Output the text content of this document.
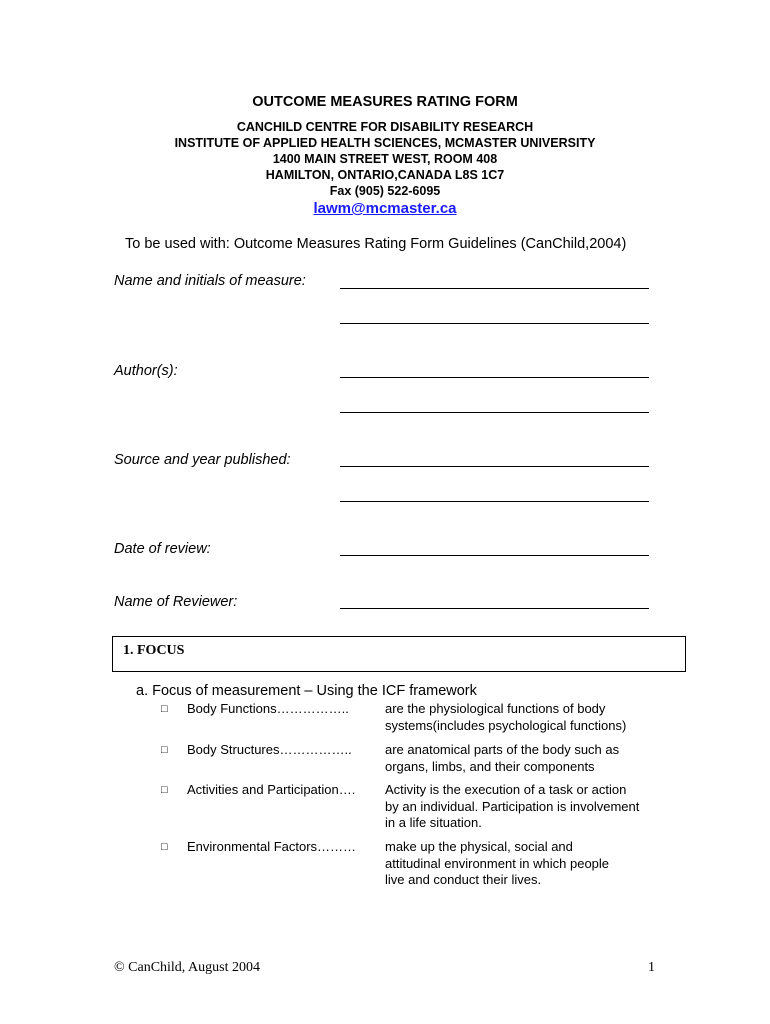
OUTCOME MEASURES RATING FORM
CANCHILD CENTRE FOR DISABILITY RESEARCH
INSTITUTE OF APPLIED HEALTH SCIENCES, MCMASTER UNIVERSITY
1400 MAIN STREET WEST, ROOM 408
HAMILTON, ONTARIO,CANADA L8S 1C7
Fax (905) 522-6095
lawm@mcmaster.ca
To be used with: Outcome Measures Rating Form Guidelines (CanChild,2004)
Name and initials of measure:
Author(s):
Source and year published:
Date of review:
Name of Reviewer:
1. FOCUS
a. Focus of measurement – Using the ICF framework
□ Body Functions……………..	are the physiological functions of body
systems(includes psychological functions)
□ Body Structures……………..	are anatomical parts of the body such as
organs, limbs, and their components
□ Activities and Participation…. Activity is the execution of a task or action
by an individual. Participation is involvement
in a life situation.
□ Environmental Factors……… make up the physical, social and
attitudinal environment in which people
live and conduct their lives.
© CanChild, August 2004	1
